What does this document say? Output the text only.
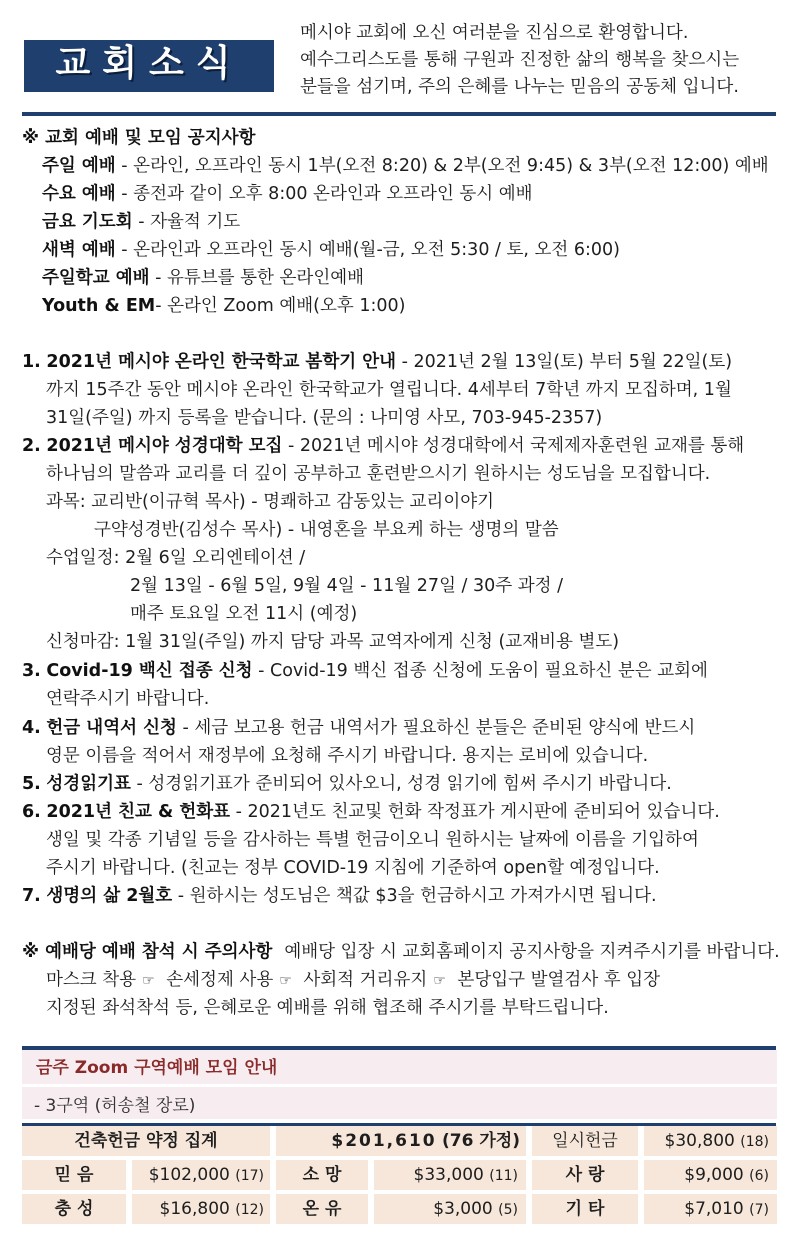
교회소식
메시야 교회에 오신 여러분을 진심으로 환영합니다.
예수그리스도를 통해 구원과 진정한 삶의 행복을 찾으시는
분들을 섬기며, 주의 은혜를 나누는 믿음의 공동체 입니다.
※ 교회 예배 및 모임 공지사항
주일 예배 - 온라인, 오프라인 동시 1부(오전 8:20) & 2부(오전 9:45) & 3부(오전 12:00) 예배
수요 예배 - 종전과 같이 오후 8:00 온라인과 오프라인 동시 예배
금요 기도회 - 자율적 기도
새벽 예배 - 온라인과 오프라인 동시 예배(월-금, 오전 5:30 / 토, 오전 6:00)
주일학교 예배 - 유튜브를 통한 온라인예배
Youth & EM- 온라인 Zoom 예배(오후 1:00)
1. 2021년 메시야 온라인 한국학교 봄학기 안내 - 2021년 2월 13일(토) 부터 5월 22일(토)
까지 15주간 동안 메시야 온라인 한국학교가 열립니다. 4세부터 7학년 까지 모집하며, 1월
31일(주일) 까지 등록을 받습니다. (문의 : 나미영 사모, 703-945-2357)
2. 2021년 메시야 성경대학 모집 - 2021년 메시야 성경대학에서 국제제자훈련원 교재를 통해
하나님의 말씀과 교리를 더 깊이 공부하고 훈련받으시기 원하시는 성도님을 모집합니다.
과목: 교리반(이규혁 목사) - 명쾌하고 감동있는 교리이야기
구약성경반(김성수 목사) - 내영혼을 부요케 하는 생명의 말씀
수업일정: 2월 6일 오리엔테이션 /
2월 13일 - 6월 5일, 9월 4일 - 11월 27일 / 30주 과정 /
매주 토요일 오전 11시 (예정)
신청마감: 1월 31일(주일) 까지 담당 과목 교역자에게 신청 (교재비용 별도)
3. Covid-19 백신 접종 신청 - Covid-19 백신 접종 신청에 도움이 필요하신 분은 교회에
연락주시기 바랍니다.
4. 헌금 내역서 신청 - 세금 보고용 헌금 내역서가 필요하신 분들은 준비된 양식에 반드시
영문 이름을 적어서 재정부에 요청해 주시기 바랍니다. 용지는 로비에 있습니다.
5. 성경읽기표 - 성경읽기표가 준비되어 있사오니, 성경 읽기에 힘써 주시기 바랍니다.
6. 2021년 친교 & 헌화표 - 2021년도 친교및 헌화 작정표가 게시판에 준비되어 있습니다.
생일 및 각종 기념일 등을 감사하는 특별 헌금이오니 원하시는 날짜에 이름을 기입하여
주시기 바랍니다. (친교는 정부 COVID-19 지침에 기준하여 open할 예정입니다.
7. 생명의 삶 2월호 - 원하시는 성도님은 책값 $3을 헌금하시고 가져가시면 됩니다.
※ 예배당 예배 참석 시 주의사항 예배당 입장 시 교회홈페이지 공지사항을 지켜주시기를 바랍니다.
마스크 착용 ☞ 손세정제 사용 ☞ 사회적 거리유지 ☞ 본당입구 발열검사 후 입장
지정된 좌석착석 등, 은혜로운 예배를 위해 협조해 주시기를 부탁드립니다.
금주 Zoom 구역예배 모임 안내
- 3구역 (허송철 장로)
건축헌금 약정 집계	$201,610 (76 가정)	일시헌금	$30,800 (18)
믿 음	$102,000 (17)	소 망	$33,000 (11)	사 랑	$9,000 (6)
충 성	$16,800 (12)	온 유	$3,000 (5)	기 타	$7,010 (7)
